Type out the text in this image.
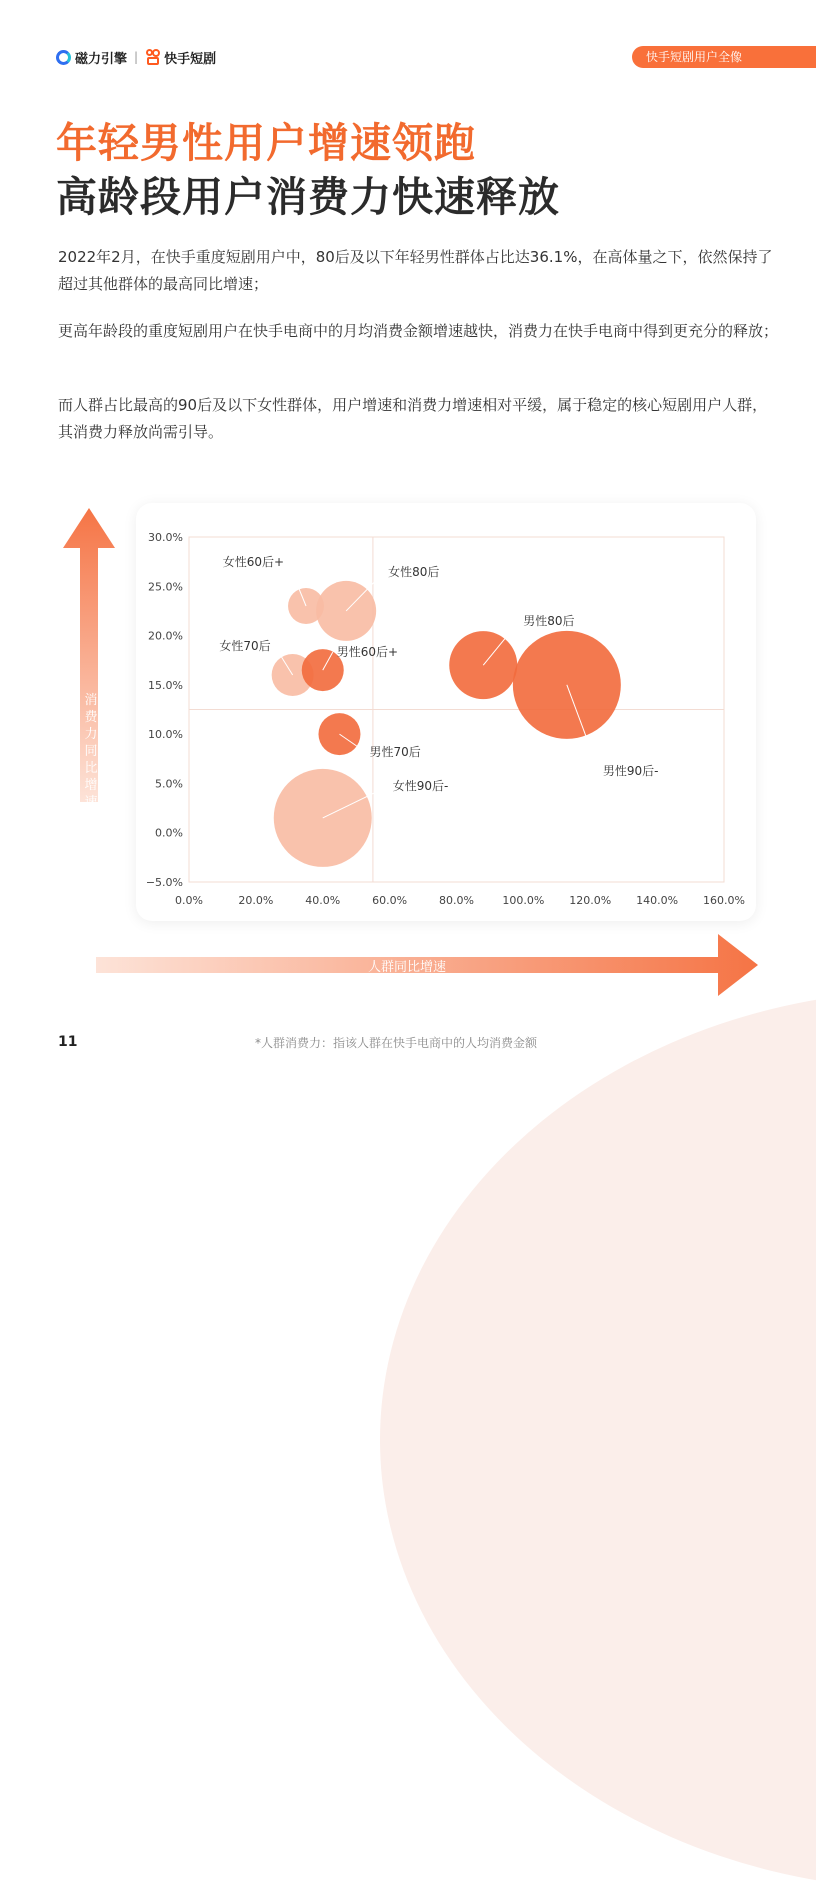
磁力引擎 | 快手短剧	快手短剧用户全像
年轻男性用户增速领跑
高龄段用户消费力快速释放
2022年2月，在快手重度短剧用户中，80后及以下年轻男性群体占比达36.1%，在高体量之下，依然保持了超过其他群体的最高同比增速；
更高年龄段的重度短剧用户在快手电商中的月均消费金额增速越快，消费力在快手电商中得到更充分的释放；
而人群占比最高的90后及以下女性群体，用户增速和消费力增速相对平缓，属于稳定的核心短剧用户人群，其消费力释放尚需引导。
30.0%
25.0%
20.0%
15.0%
10.0%
5.0%
0.0%
−5.0%
0.0%	20.0%	40.0%	60.0%	80.0%	100.0% 120.0% 140.0% 160.0%
女性60后+
女性80后
女性70后	男性60后+
男性70后
女性90后-
男性80后
男性90后-
消费力同比增速
人群同比增速
11	*人群消费力：指该人群在快手电商中的人均消费金额
